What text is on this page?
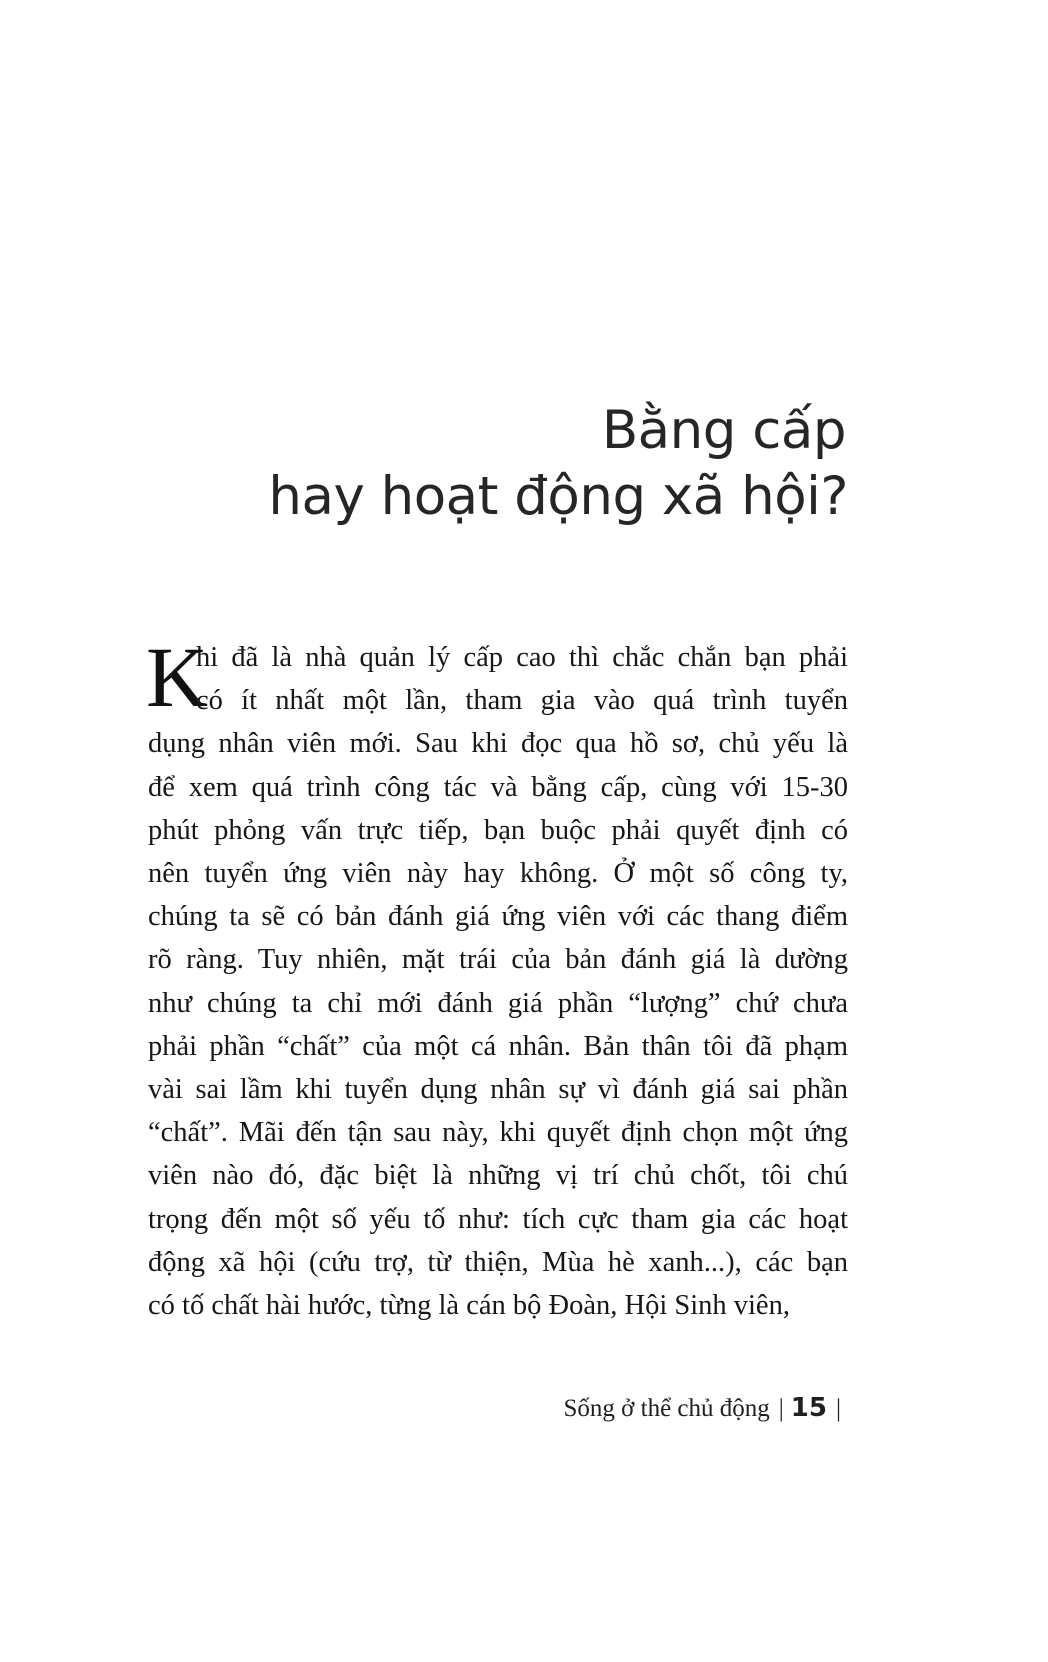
Bằng cấp
hay hoạt động xã hội?
K
hi đã là nhà quản lý cấp cao thì chắc chắn bạn phải
có ít nhất một lần, tham gia vào quá trình tuyển
dụng nhân viên mới. Sau khi đọc qua hồ sơ, chủ yếu là
để xem quá trình công tác và bằng cấp, cùng với 15-30
phút phỏng vấn trực tiếp, bạn buộc phải quyết định có
nên tuyển ứng viên này hay không. Ở một số công ty,
chúng ta sẽ có bản đánh giá ứng viên với các thang điểm
rõ ràng. Tuy nhiên, mặt trái của bản đánh giá là dường
như chúng ta chỉ mới đánh giá phần “lượng” chứ chưa
phải phần “chất” của một cá nhân. Bản thân tôi đã phạm
vài sai lầm khi tuyển dụng nhân sự vì đánh giá sai phần
“chất”. Mãi đến tận sau này, khi quyết định chọn một ứng
viên nào đó, đặc biệt là những vị trí chủ chốt, tôi chú
trọng đến một số yếu tố như: tích cực tham gia các hoạt
động xã hội (cứu trợ, từ thiện, Mùa hè xanh...), các bạn
có tố chất hài hước, từng là cán bộ Đoàn, Hội Sinh viên,
Sống ở thể chủ động | 15 |
